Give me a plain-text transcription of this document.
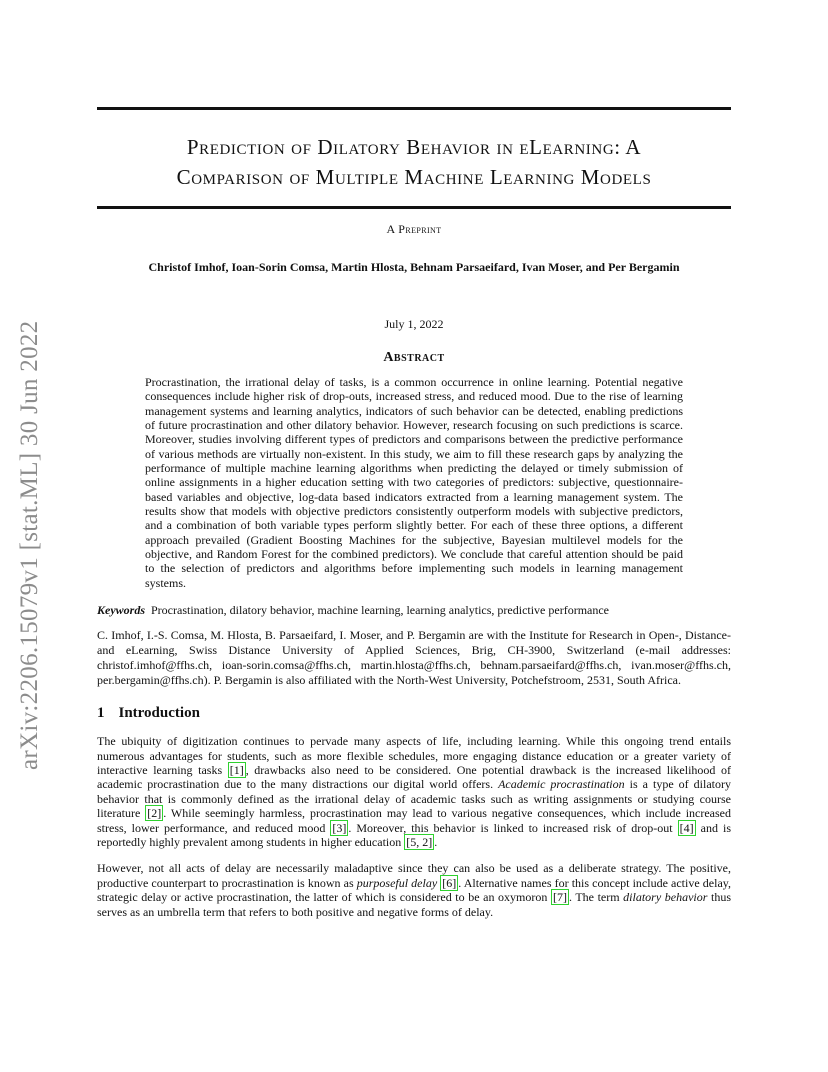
arXiv:2206.15079v1 [stat.ML] 30 Jun 2022
Prediction of Dilatory Behavior in eLearning: A
Comparison of Multiple Machine Learning Models
A Preprint
Christof Imhof, Ioan-Sorin Comsa, Martin Hlosta, Behnam Parsaeifard, Ivan Moser, and Per Bergamin
July 1, 2022
Abstract
Procrastination, the irrational delay of tasks, is a common occurrence in online learning. Potential negative consequences include higher risk of drop-outs, increased stress, and reduced mood. Due to the rise of learning management systems and learning analytics, indicators of such behavior can be detected, enabling predictions of future procrastination and other dilatory behavior. However, research focusing on such predictions is scarce. Moreover, studies involving different types of predictors and comparisons between the predictive performance of various methods are virtually non-existent. In this study, we aim to fill these research gaps by analyzing the performance of multiple machine learning algorithms when predicting the delayed or timely submission of online assignments in a higher education setting with two categories of predictors: subjective, questionnaire-based variables and objective, log-data based indicators extracted from a learning management system. The results show that models with objective predictors consistently outperform models with subjective predictors, and a combination of both variable types perform slightly better. For each of these three options, a different approach prevailed (Gradient Boosting Machines for the subjective, Bayesian multilevel models for the objective, and Random Forest for the combined predictors). We conclude that careful attention should be paid to the selection of predictors and algorithms before implementing such models in learning management systems.
Keywords Procrastination, dilatory behavior, machine learning, learning analytics, predictive performance
C. Imhof, I.-S. Comsa, M. Hlosta, B. Parsaeifard, I. Moser, and P. Bergamin are with the Institute for Research in Open-, Distance- and eLearning, Swiss Distance University of Applied Sciences, Brig, CH-3900, Switzerland (e-mail addresses: christof.imhof@ffhs.ch, ioan-sorin.comsa@ffhs.ch, martin.hlosta@ffhs.ch, behnam.parsaeifard@ffhs.ch, ivan.moser@ffhs.ch, per.bergamin@ffhs.ch). P. Bergamin is also affiliated with the North-West University, Potchefstroom, 2531, South Africa.
1 Introduction

The ubiquity of digitization continues to pervade many aspects of life, including learning. While this ongoing trend entails numerous advantages for students, such as more flexible schedules, more engaging distance education or a greater variety of interactive learning tasks [1] , drawbacks also need to be considered. One potential drawback is the increased likelihood of academic procrastination due to the many distractions our digital world offers. Academic procrastination is a type of dilatory behavior that is commonly defined as the irrational delay of academic tasks such as writing assignments or studying course literature [2] . While seemingly harmless, procrastination may lead to various negative consequences, which include increased stress, lower performance, and reduced mood [3] . Moreover, this behavior is linked to increased risk of drop-out [4] and is reportedly highly prevalent among students in higher education [5, 2] .

However, not all acts of delay are necessarily maladaptive since they can also be used as a deliberate strategy. The positive, productive counterpart to procrastination is known as purposeful delay [6] . Alternative names for this concept include active delay, strategic delay or active procrastination, the latter of which is considered to be an oxymoron [7] . The term dilatory behavior thus serves as an umbrella term that refers to both positive and negative forms of delay.
